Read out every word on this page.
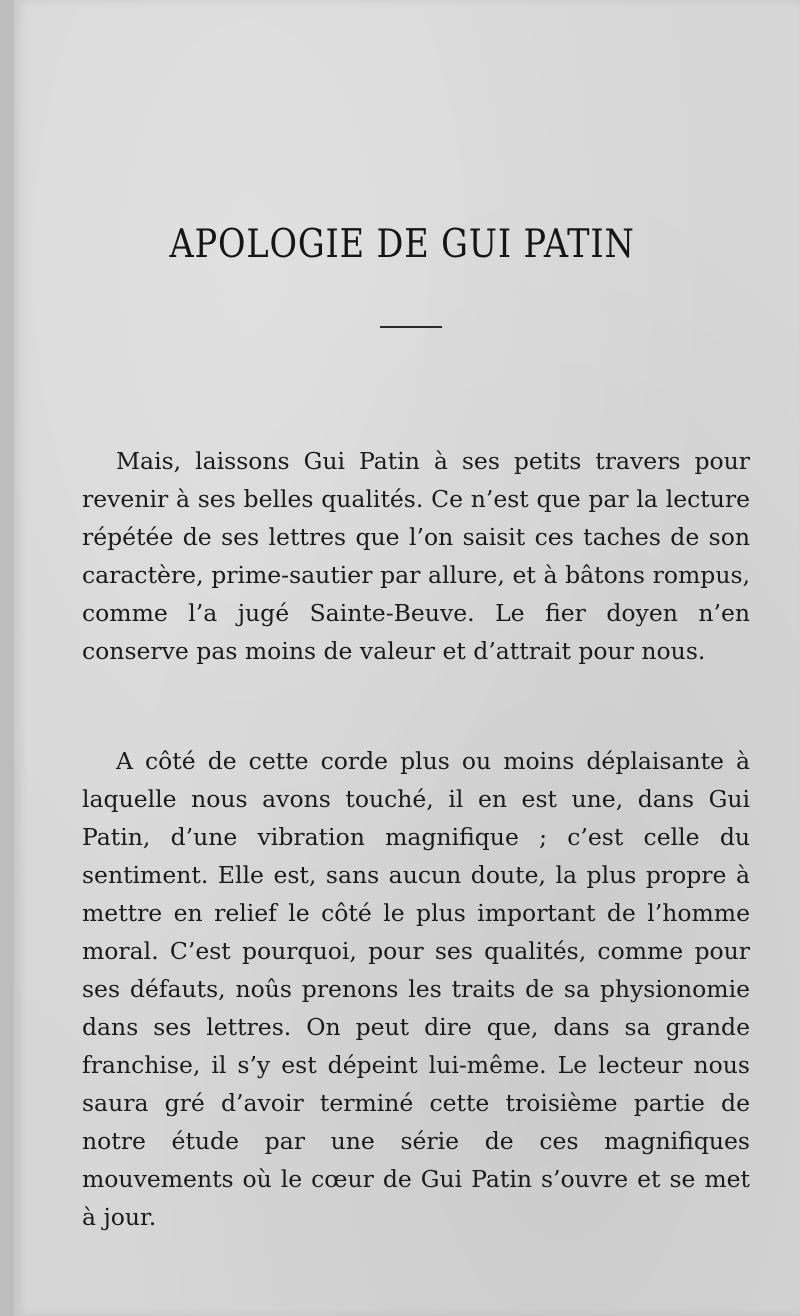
APOLOGIE DE GUI PATIN

Mais, laissons Gui Patin à ses petits travers pour revenir à ses belles qualités. Ce n’est que par la lecture répétée de ses lettres que l’on saisit ces taches de son caractère, prime-sautier par allure, et à bâtons rompus, comme l’a jugé Sainte-Beuve. Le fier doyen n’en conserve pas moins de valeur et d’attrait pour nous.

A côté de cette corde plus ou moins déplaisante à laquelle nous avons touché, il en est une, dans Gui Patin, d’une vibration magnifique ; c’est celle du sentiment. Elle est, sans aucun doute, la plus propre à mettre en relief le côté le plus important de l’homme moral. C’est pourquoi, pour ses qualités, comme pour ses défauts, noûs prenons les traits de sa physionomie dans ses lettres. On peut dire que, dans sa grande franchise, il s’y est dépeint lui-même. Le lecteur nous saura gré d’avoir terminé cette troisième partie de notre étude par une série de ces magnifiques mouvements où le cœur de Gui Patin s’ouvre et se met à jour.
